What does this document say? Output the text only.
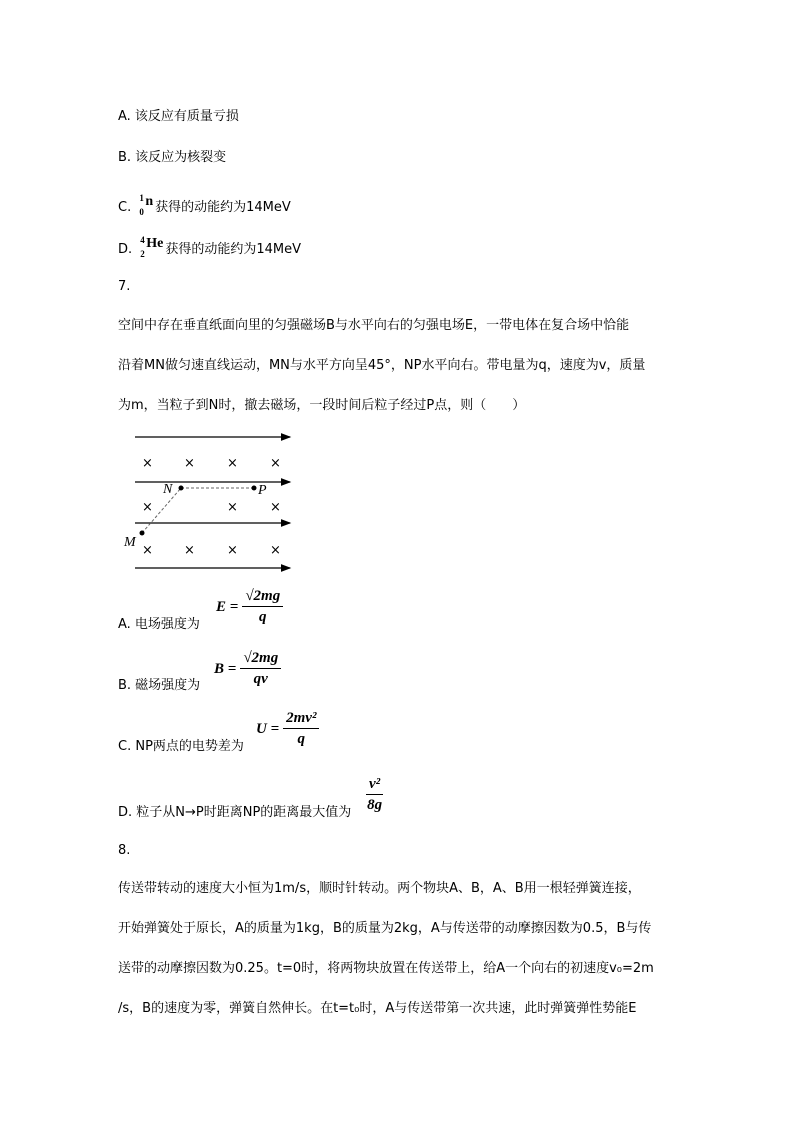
A. 该反应有质量亏损
B. 该反应为核裂变
C.
1
0
n 获得的动能约为14MeV
D.
4
2
He 获得的动能约为14MeV
7.
空间中存在垂直纸面向里的匀强磁场B与水平向右的匀强电场E，一带电体在复合场中恰能
沿着MN做匀速直线运动，MN与水平方向呈45°，NP水平向右。带电量为q，速度为v，质量
为m，当粒子到N时，撤去磁场，一段时间后粒子经过P点，则（　　）
× × × ×
×	× ×
× × × ×
N	P
M
$E = \frac{√2mg}{q}$
A. 电场强度为
$B = \frac{√2mg}{qv}$
B. 磁场强度为
$U = \frac{\text{2mv²}}{q}$
C. NP两点的电势差为
$\frac{\text{v²}}{8g}$
D. 粒子从N→P时距离NP的距离最大值为
8.
传送带转动的速度大小恒为1m/s，顺时针转动。两个物块A、B，A、B用一根轻弹簧连接，
开始弹簧处于原长，A的质量为1kg，B的质量为2kg，A与传送带的动摩擦因数为0.5，B与传
送带的动摩擦因数为0.25。t=0时，将两物块放置在传送带上，给A一个向右的初速度v₀=2m
/s，B的速度为零，弹簧自然伸长。在t=t₀时，A与传送带第一次共速，此时弹簧弹性势能E
